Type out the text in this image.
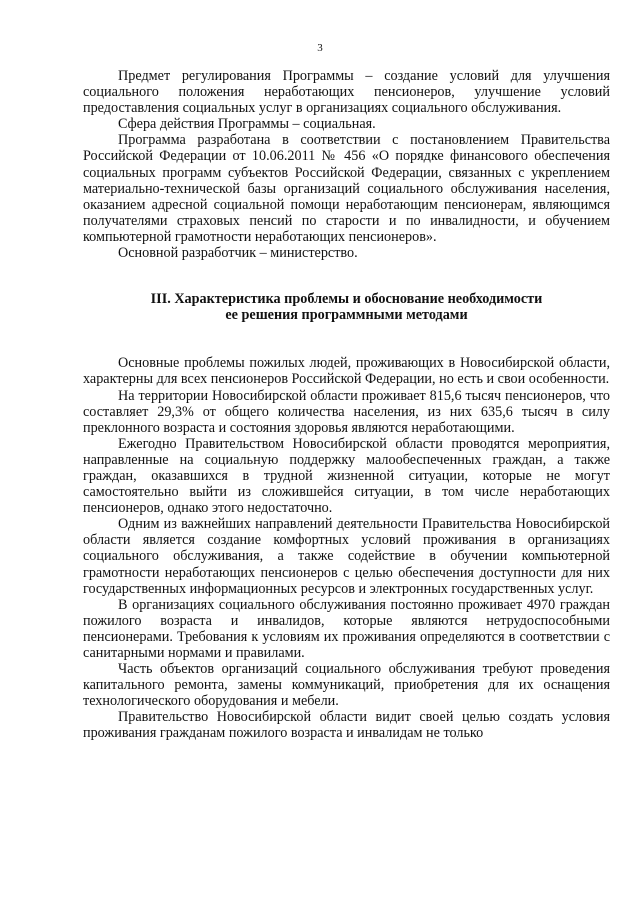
3

Предмет регулирования Программы – создание условий для улучшения социального положения неработающих пенсионеров, улучшение условий предоставления социальных услуг в организациях социального обслуживания.

Сфера действия Программы – социальная.

Программа разработана в соответствии с постановлением Правительства Российской Федерации от 10.06.2011 № 456 «О порядке финансового обеспечения социальных программ субъектов Российской Федерации, связанных с укреплением материально-технической базы организаций социального обслуживания населения, оказанием адресной социальной помощи неработающим пенсионерам, являющимся получателями страховых пенсий по старости и по инвалидности, и обучением компьютерной грамотности неработающих пенсионеров».

Основной разработчик – министерство.

III. Характеристика проблемы и обоснование необходимости
ее решения программными методами

Основные проблемы пожилых людей, проживающих в Новосибирской области, характерны для всех пенсионеров Российской Федерации, но есть и свои особенности.

На территории Новосибирской области проживает 815,6 тысяч пенсионеров, что составляет 29,3% от общего количества населения, из них 635,6 тысяч в силу преклонного возраста и состояния здоровья являются неработающими.

Ежегодно Правительством Новосибирской области проводятся мероприятия, направленные на социальную поддержку малообеспеченных граждан, а также граждан, оказавшихся в трудной жизненной ситуации, которые не могут самостоятельно выйти из сложившейся ситуации, в том числе неработающих пенсионеров, однако этого недостаточно.

Одним из важнейших направлений деятельности Правительства Новосибирской области является создание комфортных условий проживания в организациях социального обслуживания, а также содействие в обучении компьютерной грамотности неработающих пенсионеров с целью обеспечения доступности для них государственных информационных ресурсов и электронных государственных услуг.

В организациях социального обслуживания постоянно проживает 4970 граждан пожилого возраста и инвалидов, которые являются нетрудоспособными пенсионерами. Требования к условиям их проживания определяются в соответствии с санитарными нормами и правилами.

Часть объектов организаций социального обслуживания требуют проведения капитального ремонта, замены коммуникаций, приобретения для их оснащения технологического оборудования и мебели.

Правительство Новосибирской области видит своей целью создать условия проживания гражданам пожилого возраста и инвалидам не только
